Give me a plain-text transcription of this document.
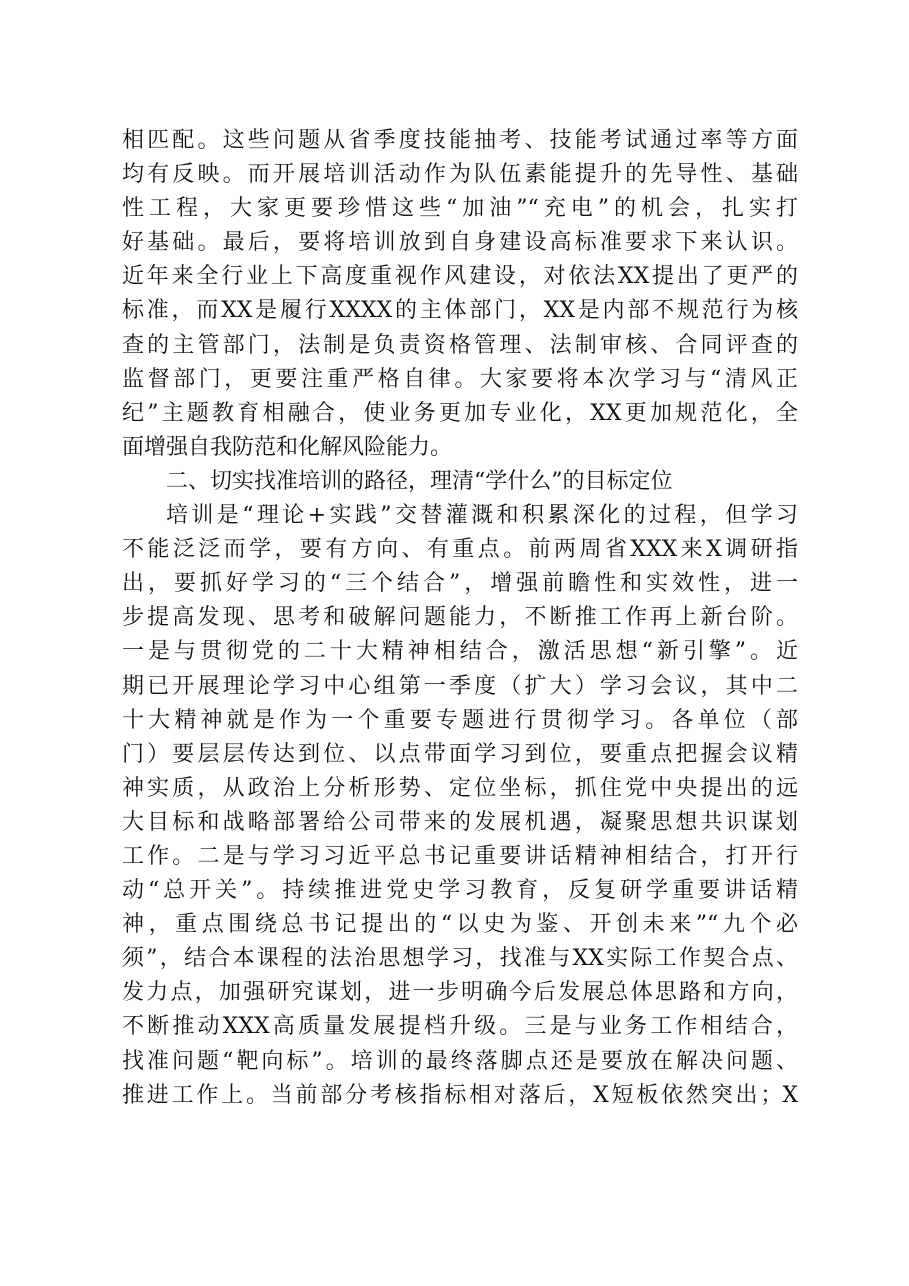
相匹配。这些问题从省季度技能抽考、技能考试通过率等方面
均有反映。而开展培训活动作为队伍素能提升的先导性、基础
性工程，大家更要珍惜这些“加油”“充电”的机会，扎实打
好基础。最后，要将培训放到自身建设高标准要求下来认识。
近年来全行业上下高度重视作风建设，对依法XX提出了更严的
标准，而XX是履行XXXX的主体部门，XX是内部不规范行为核
查的主管部门，法制是负责资格管理、法制审核、合同评查的
监督部门，更要注重严格自律。大家要将本次学习与“清风正
纪”主题教育相融合，使业务更加专业化，XX更加规范化，全
面增强自我防范和化解风险能力。
二、切实找准培训的路径，理清“学什么”的目标定位
培训是“理论+实践”交替灌溉和积累深化的过程，但学习
不能泛泛而学，要有方向、有重点。前两周省XXX来X调研指
出，要抓好学习的“三个结合”，增强前瞻性和实效性，进一
步提高发现、思考和破解问题能力，不断推工作再上新台阶。
一是与贯彻党的二十大精神相结合，激活思想“新引擎”。近
期已开展理论学习中心组第一季度（扩大）学习会议，其中二
十大精神就是作为一个重要专题进行贯彻学习。各单位（部
门）要层层传达到位、以点带面学习到位，要重点把握会议精
神实质，从政治上分析形势、定位坐标，抓住党中央提出的远
大目标和战略部署给公司带来的发展机遇，凝聚思想共识谋划
工作。二是与学习习近平总书记重要讲话精神相结合，打开行
动“总开关”。持续推进党史学习教育，反复研学重要讲话精
神，重点围绕总书记提出的“以史为鉴、开创未来”“九个必
须”，结合本课程的法治思想学习，找准与XX实际工作契合点、
发力点，加强研究谋划，进一步明确今后发展总体思路和方向，
不断推动XXX高质量发展提档升级。三是与业务工作相结合，
找准问题“靶向标”。培训的最终落脚点还是要放在解决问题、
推进工作上。当前部分考核指标相对落后，X短板依然突出；X
